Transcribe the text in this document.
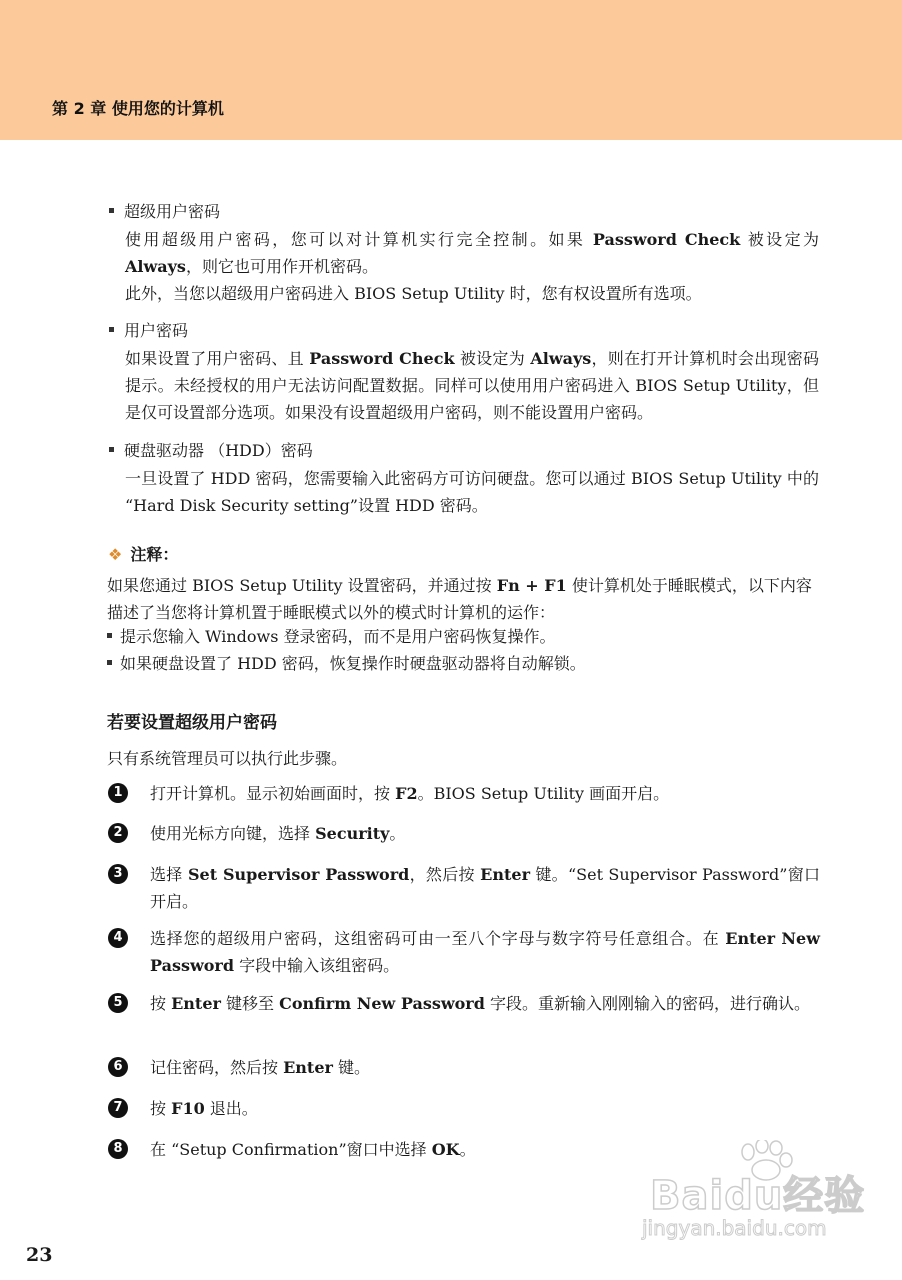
第 2 章 使用您的计算机
超级用户密码
使用超级用户密码，您可以对计算机实行完全控制。如果 Password Check 被设定为 Always，则它也可用作开机密码。
此外，当您以超级用户密码进入 BIOS Setup Utility 时，您有权设置所有选项。
用户密码
如果设置了用户密码、且 Password Check 被设定为 Always，则在打开计算机时会出现密码提示。未经授权的用户无法访问配置数据。同样可以使用用户密码进入 BIOS Setup Utility，但是仅可设置部分选项。如果没有设置超级用户密码，则不能设置用户密码。
硬盘驱动器 （HDD）密码
一旦设置了 HDD 密码，您需要输入此密码方可访问硬盘。您可以通过 BIOS Setup Utility 中的 “Hard Disk Security setting”设置 HDD 密码。
❖ 注释：
如果您通过 BIOS Setup Utility 设置密码，并通过按 Fn + F1 使计算机处于睡眠模式，以下内容描述了当您将计算机置于睡眠模式以外的模式时计算机的运作：
提示您输入 Windows 登录密码，而不是用户密码恢复操作。
如果硬盘设置了 HDD 密码，恢复操作时硬盘驱动器将自动解锁。
若要设置超级用户密码
只有系统管理员可以执行此步骤。
1	打开计算机。显示初始画面时，按 F2。BIOS Setup Utility 画面开启。
2	使用光标方向键，选择 Security。
3	选择 Set Supervisor Password，然后按 Enter 键。“Set Supervisor Password”窗口开启。
4	选择您的超级用户密码，这组密码可由一至八个字母与数字符号任意组合。在 Enter New Password 字段中输入该组密码。
5	按 Enter 键移至 Confirm New Password 字段。重新输入刚刚输入的密码，进行确认。
6	记住密码，然后按 Enter 键。
7	按 F10 退出。
8	在 “Setup Confirmation”窗口中选择 OK。
23
Baidu经验
jingyan.baidu.com
